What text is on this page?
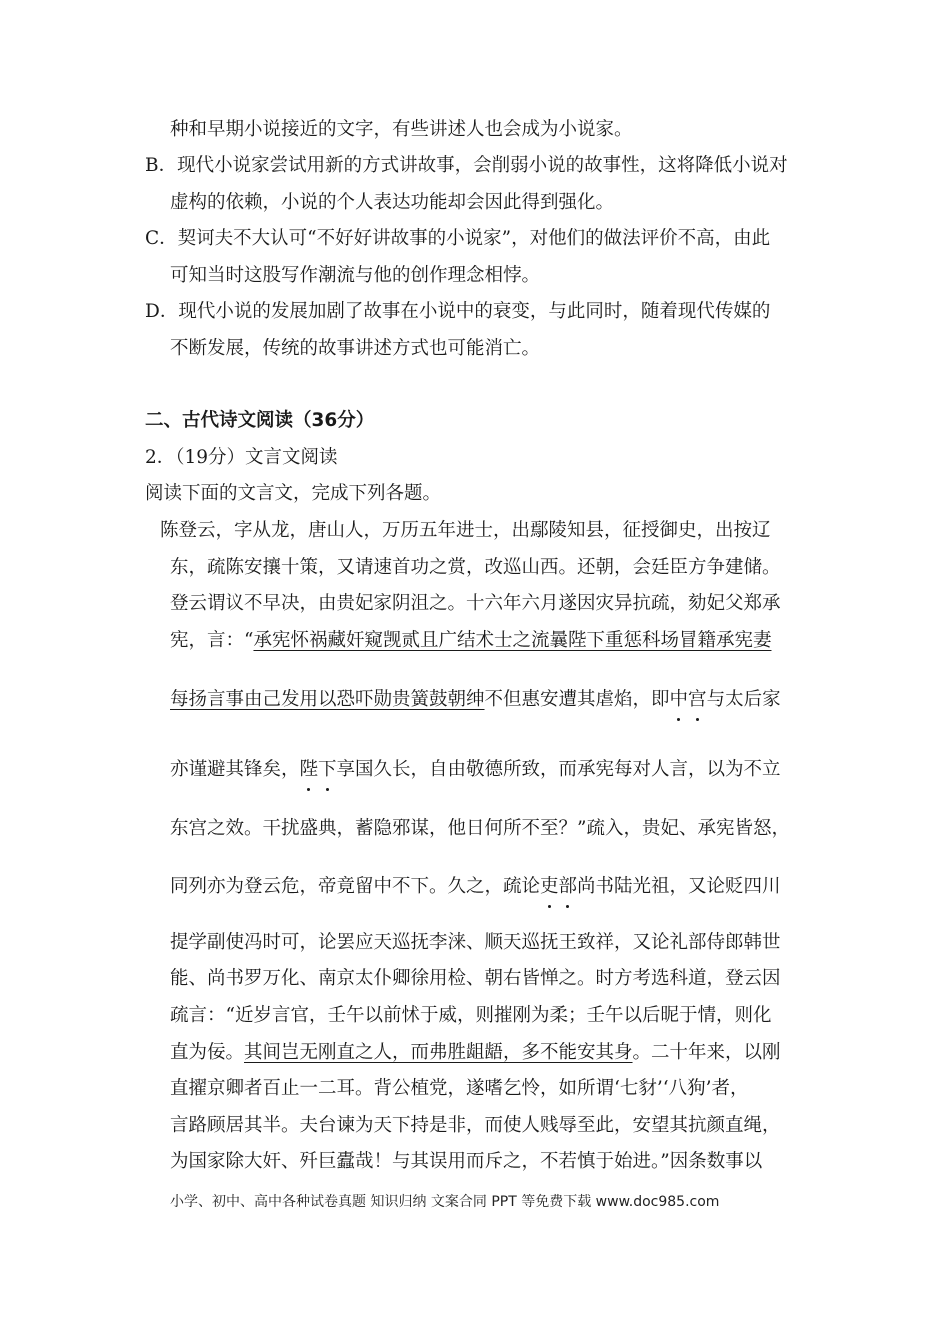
种和早期小说接近的文字，有些讲述人也会成为小说家。
B．现代小说家尝试用新的方式讲故事，会削弱小说的故事性，这将降低小说对
虚构的依赖，小说的个人表达功能却会因此得到强化。
C．契诃夫不大认可“不好好讲故事的小说家”，对他们的做法评价不高，由此
可知当时这股写作潮流与他的创作理念相悖。
D．现代小说的发展加剧了故事在小说中的衰变，与此同时，随着现代传媒的
不断发展，传统的故事讲述方式也可能消亡。
二、古代诗文阅读（36分）
2．（19分）文言文阅读
阅读下面的文言文，完成下列各题。
陈登云，字从龙，唐山人，万历五年进士，出鄢陵知县，征授御史，出按辽
东，疏陈安攘十策，又请速首功之赏，改巡山西。还朝，会廷臣方争建储。
登云谓议不早决，由贵妃家阴沮之。十六年六月遂因灾异抗疏，劾妃父郑承
宪，言：“承宪怀祸藏奸窥觊贰且广结术士之流曩陛下重惩科场冒籍承宪妻
每扬言事由己发用以恐吓勋贵簧鼓朝绅不但惠安遭其虐焰，即中宫与太后家
亦谨避其锋矣，陛下享国久长，自由敬德所致，而承宪每对人言，以为不立
东宫之效。干扰盛典，蓄隐邪谋，他日何所不至？”疏入，贵妃、承宪皆怒，
同列亦为登云危，帝竟留中不下。久之，疏论吏部尚书陆光祖，又论贬四川
提学副使冯时可，论罢应天巡抚李涞、顺天巡抚王致祥，又论礼部侍郎韩世
能、尚书罗万化、南京太仆卿徐用检、朝右皆惮之。时方考选科道，登云因
疏言：“近岁言官，壬午以前怵于威，则摧刚为柔；壬午以后昵于情，则化
直为佞。其间岂无刚直之人，而弗胜龃龉，多不能安其身。二十年来，以刚
直擢京卿者百止一二耳。背公植党，遂嗜乞怜，如所谓‘七豺’‘八狗’者，
言路顾居其半。夫台谏为天下持是非，而使人贱辱至此，安望其抗颜直绳，
为国家除大奸、歼巨蠹哉！与其误用而斥之，不若慎于始进。”因条数事以
小学、初中、高中各种试卷真题 知识归纳 文案合同 PPT 等免费下载 www.doc985.com
